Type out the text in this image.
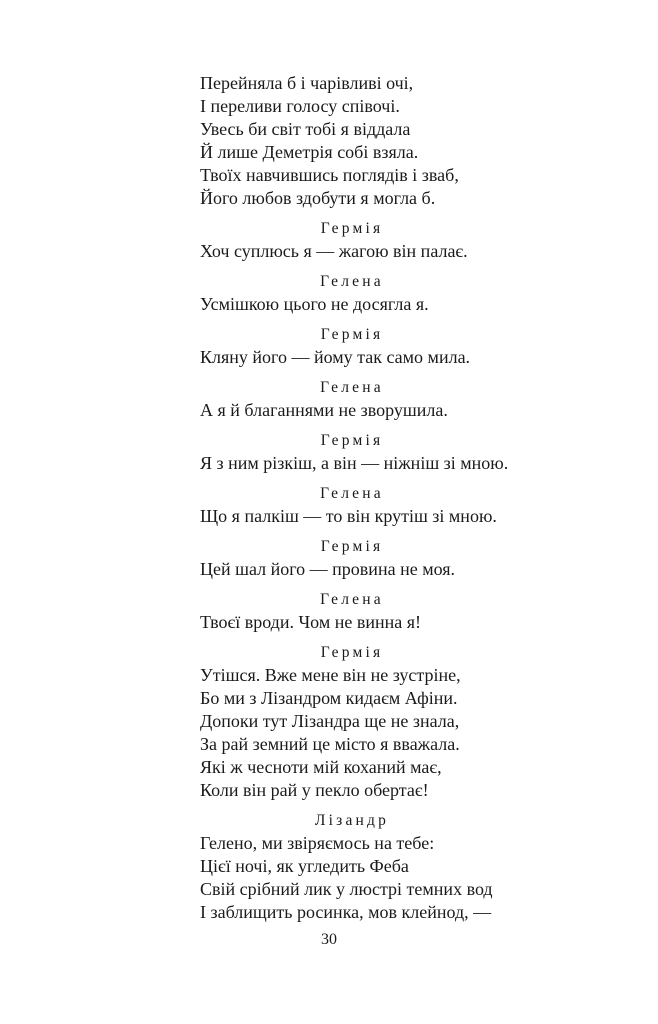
Перейняла б і чарівливі очі,
І переливи голосу співочі.
Увесь би світ тобі я віддала
Й лише Деметрія собі взяла.
Твоїх навчившись поглядів і зваб,
Його любов здобути я могла б.
Гермія
Хоч суплюсь я — жагою він палає.
Гелена
Усмішкою цього не досягла я.
Гермія
Кляну його — йому так само мила.
Гелена
А я й благаннями не зворушила.
Гермія
Я з ним різкіш, а він — ніжніш зі мною.
Гелена
Що я палкіш — то він крутіш зі мною.
Гермія
Цей шал його — провина не моя.
Гелена
Твоєї вроди. Чом не винна я!
Гермія
Утішся. Вже мене він не зустріне,
Бо ми з Лізандром кидаєм Афіни.
Допоки тут Лізандра ще не знала,
За рай земний це місто я вважала.
Які ж чесноти мій коханий має,
Коли він рай у пекло обертає!
Лізандр
Гелено, ми звіряємось на тебе:
Цієї ночі, як угледить Феба
Свій срібний лик у люстрі темних вод
І заблищить росинка, мов клейнод, —
30
